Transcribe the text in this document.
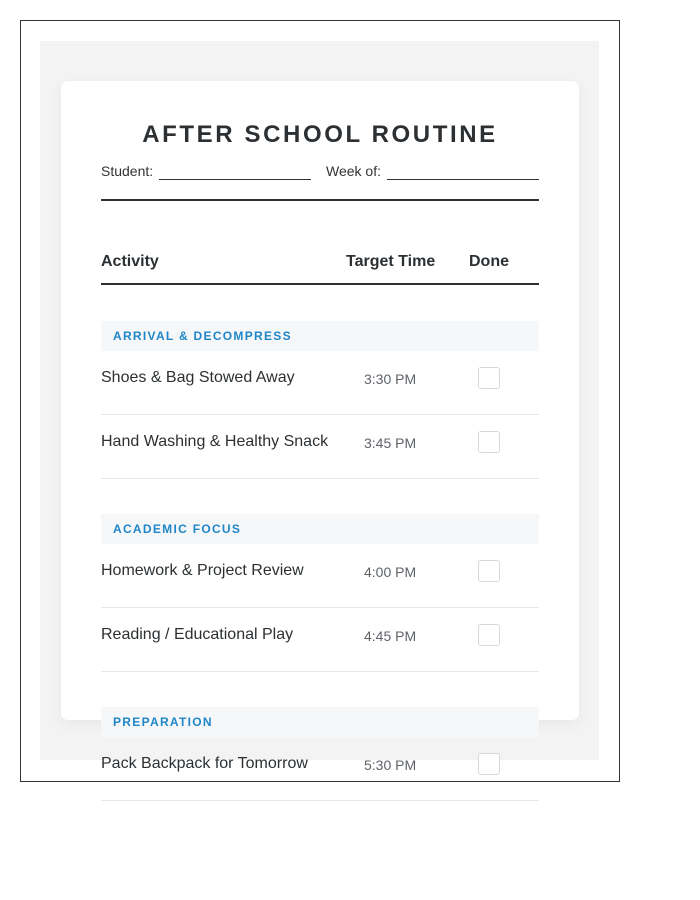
AFTER SCHOOL ROUTINE
Student:	Week of:
Activity	Target Time Done
ARRIVAL & DECOMPRESS
Shoes & Bag Stowed Away	3:30 PM
Hand Washing & Healthy Snack	3:45 PM
ACADEMIC FOCUS
Homework & Project Review	4:00 PM
Reading / Educational Play	4:45 PM
PREPARATION
Pack Backpack for Tomorrow	5:30 PM
